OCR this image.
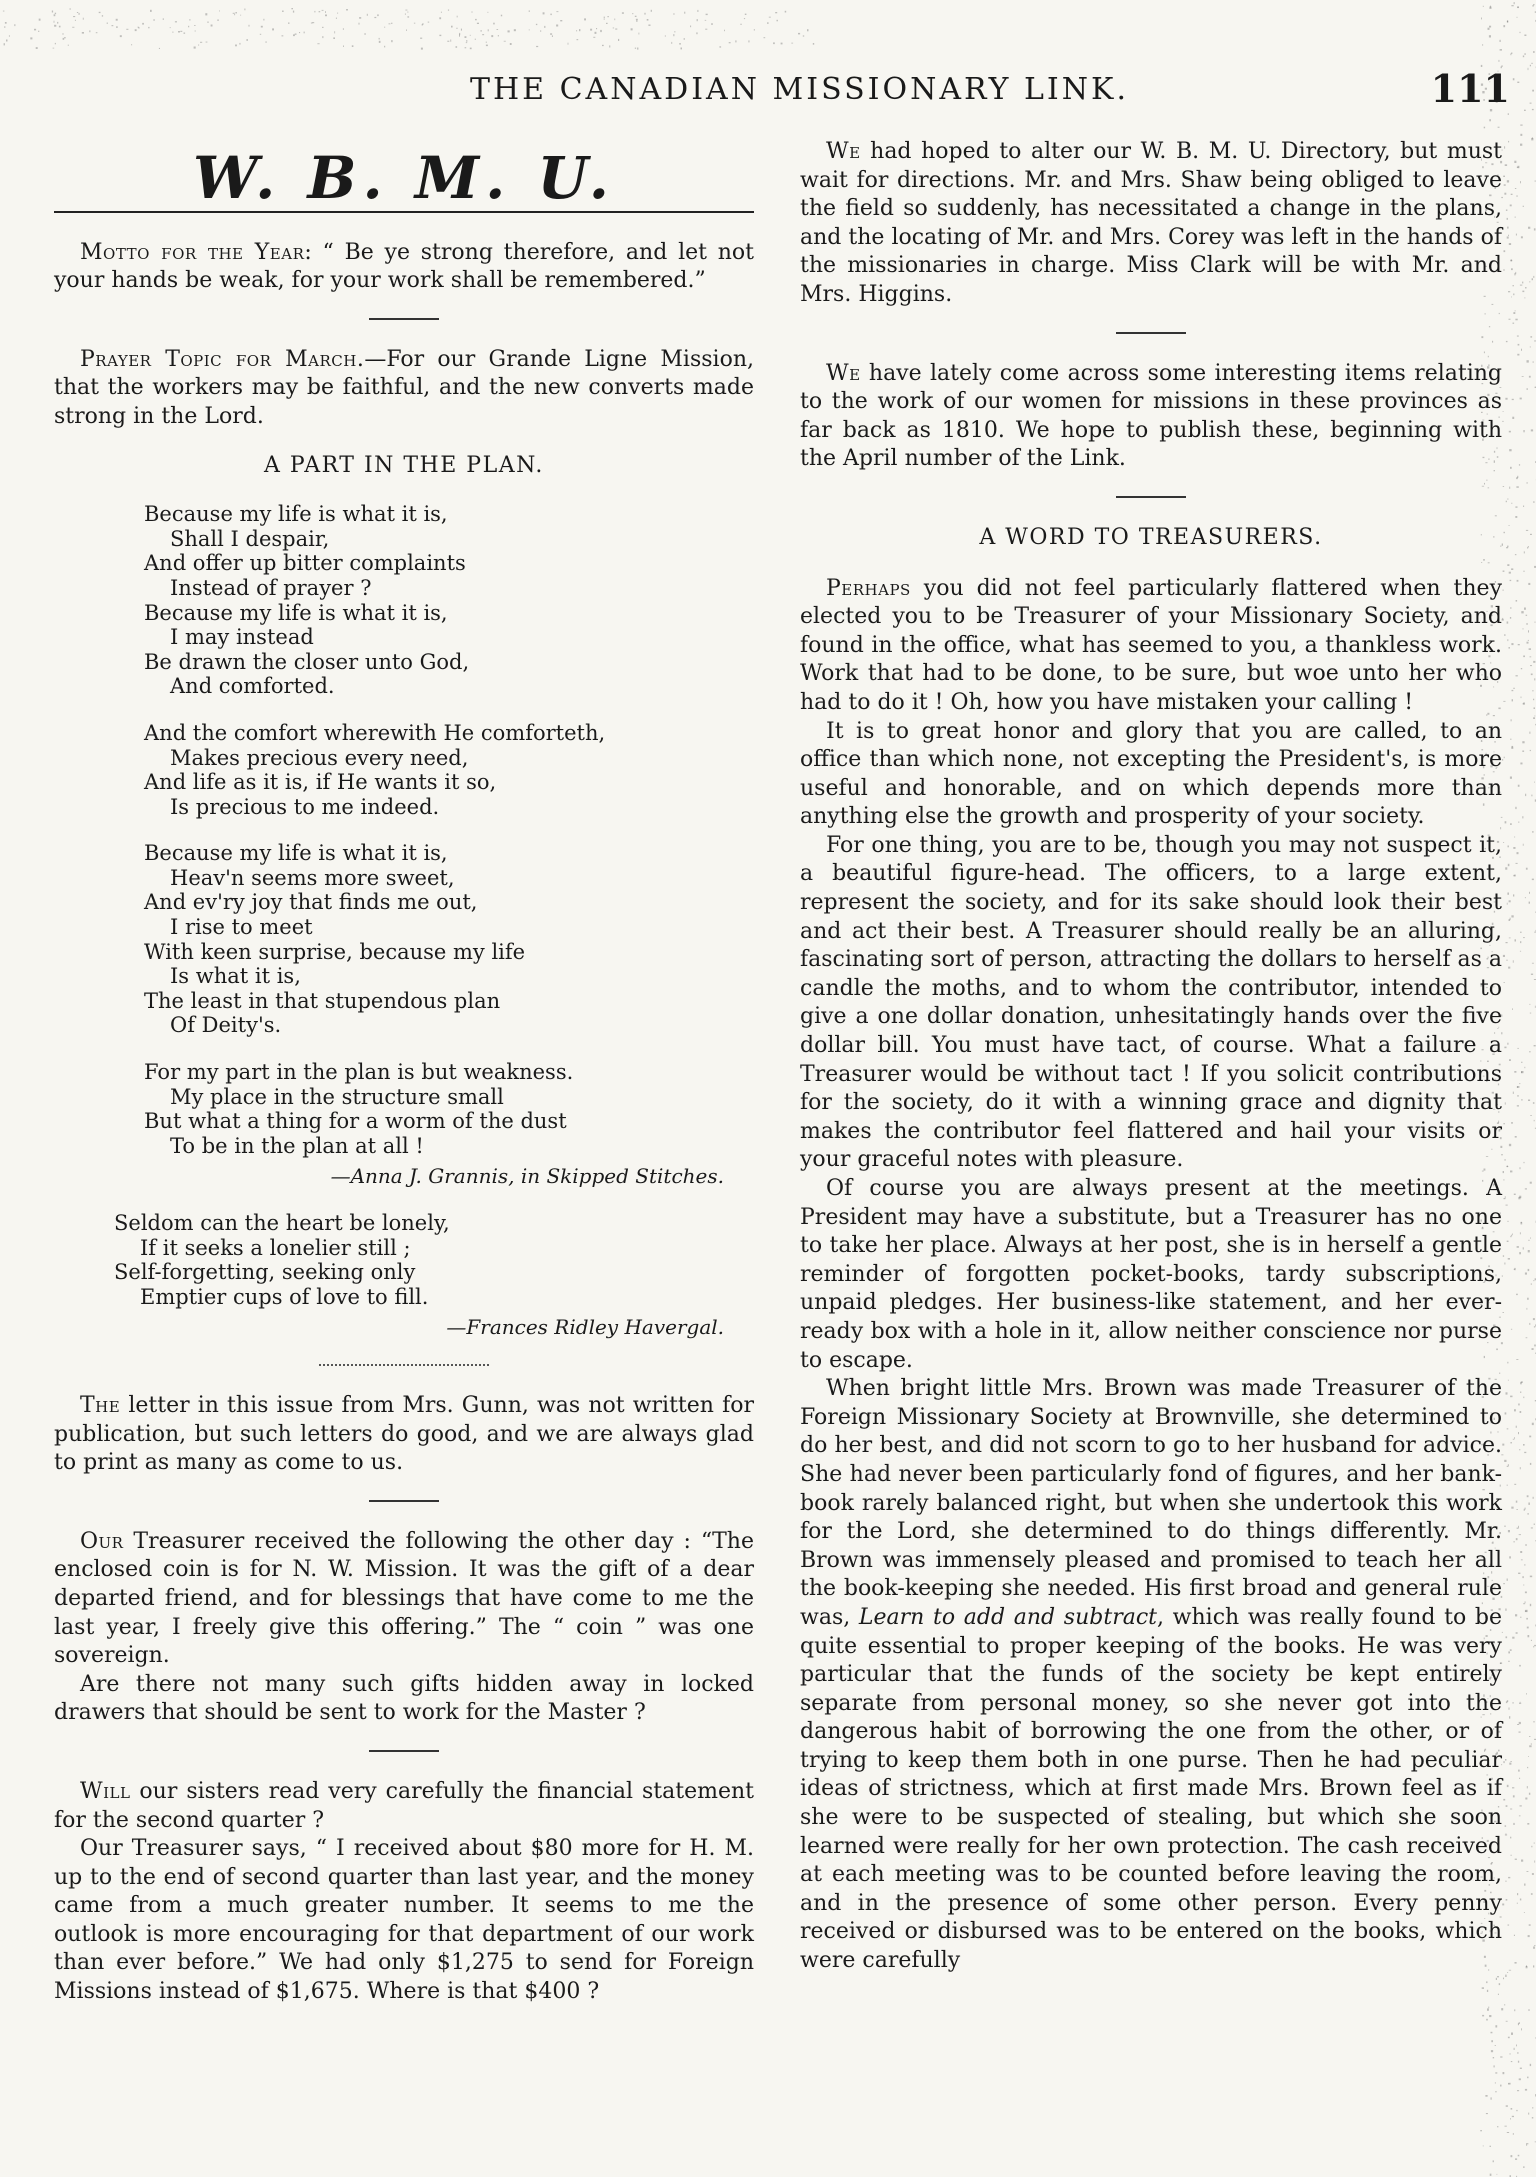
THE CANADIAN MISSIONARY LINK.	111
W. B. M. U.

Motto for the Year: “ Be ye strong therefore, and let not your hands be weak, for your work shall be remembered.”

Prayer Topic for March.—For our Grande Ligne Mission, that the workers may be faithful, and the new converts made strong in the Lord.

A PART IN THE PLAN.
Because my life is what it is,
Shall I despair,
And offer up bitter complaints
Instead of prayer ?
Because my life is what it is,
I may instead
Be drawn the closer unto God,
And comforted.
And the comfort wherewith He comforteth,
Makes precious every need,
And life as it is, if He wants it so,
Is precious to me indeed.
Because my life is what it is,
Heav'n seems more sweet,
And ev'ry joy that finds me out,
I rise to meet
With keen surprise, because my life
Is what it is,
The least in that stupendous plan
Of Deity's.
For my part in the plan is but weakness.
My place in the structure small
But what a thing for a worm of the dust
To be in the plan at all !
—Anna J. Grannis, in Skipped Stitches.
Seldom can the heart be lonely,
If it seeks a lonelier still ;
Self-forgetting, seeking only
Emptier cups of love to fill.
—Frances Ridley Havergal.

The letter in this issue from Mrs. Gunn, was not written for publication, but such letters do good, and we are always glad to print as many as come to us.

Our Treasurer received the following the other day : “The enclosed coin is for N. W. Mission. It was the gift of a dear departed friend, and for blessings that have come to me the last year, I freely give this offering.” The “ coin ” was one sovereign.

Are there not many such gifts hidden away in locked drawers that should be sent to work for the Master ?

Will our sisters read very carefully the financial statement for the second quarter ?

Our Treasurer says, “ I received about $80 more for H. M. up to the end of second quarter than last year, and the money came from a much greater number. It seems to me the outlook is more encouraging for that department of our work than ever before.” We had only $1,275 to send for Foreign Missions instead of $1,675. Where is that $400 ?

We had hoped to alter our W. B. M. U. Directory, but must wait for directions. Mr. and Mrs. Shaw being obliged to leave the field so suddenly, has necessitated a change in the plans, and the locating of Mr. and Mrs. Corey was left in the hands of the missionaries in charge. Miss Clark will be with Mr. and Mrs. Higgins.

We have lately come across some interesting items relating to the work of our women for missions in these provinces as far back as 1810. We hope to publish these, beginning with the April number of the Link.

A WORD TO TREASURERS.

Perhaps you did not feel particularly flattered when they elected you to be Treasurer of your Missionary Society, and found in the office, what has seemed to you, a thankless work. Work that had to be done, to be sure, but woe unto her who had to do it ! Oh, how you have mistaken your calling !

It is to great honor and glory that you are called, to an office than which none, not excepting the President's, is more useful and honorable, and on which depends more than anything else the growth and prosperity of your society.

For one thing, you are to be, though you may not suspect it, a beautiful figure-head. The officers, to a large extent, represent the society, and for its sake should look their best and act their best. A Treasurer should really be an alluring, fascinating sort of person, attracting the dollars to herself as a candle the moths, and to whom the contributor, intended to give a one dollar donation, unhesitatingly hands over the five dollar bill. You must have tact, of course. What a failure a Treasurer would be without tact ! If you solicit contributions for the society, do it with a winning grace and dignity that makes the contributor feel flattered and hail your visits or your graceful notes with pleasure.

Of course you are always present at the meetings. A President may have a substitute, but a Treasurer has no one to take her place. Always at her post, she is in herself a gentle reminder of forgotten pocket-books, tardy subscriptions, unpaid pledges. Her business-like statement, and her ever-ready box with a hole in it, allow neither conscience nor purse to escape.

When bright little Mrs. Brown was made Treasurer of the Foreign Missionary Society at Brownville, she determined to do her best, and did not scorn to go to her husband for advice. She had never been particularly fond of figures, and her bank-book rarely balanced right, but when she undertook this work for the Lord, she determined to do things differently. Mr. Brown was immensely pleased and promised to teach her all the book-keeping she needed. His first broad and general rule was, Learn to add and subtract, which was really found to be quite essential to proper keeping of the books. He was very particular that the funds of the society be kept entirely separate from personal money, so she never got into the dangerous habit of borrowing the one from the other, or of trying to keep them both in one purse. Then he had peculiar ideas of strictness, which at first made Mrs. Brown feel as if she were to be suspected of stealing, but which she soon learned were really for her own protection. The cash received at each meeting was to be counted before leaving the room, and in the presence of some other person. Every penny received or disbursed was to be entered on the books, which were carefully
